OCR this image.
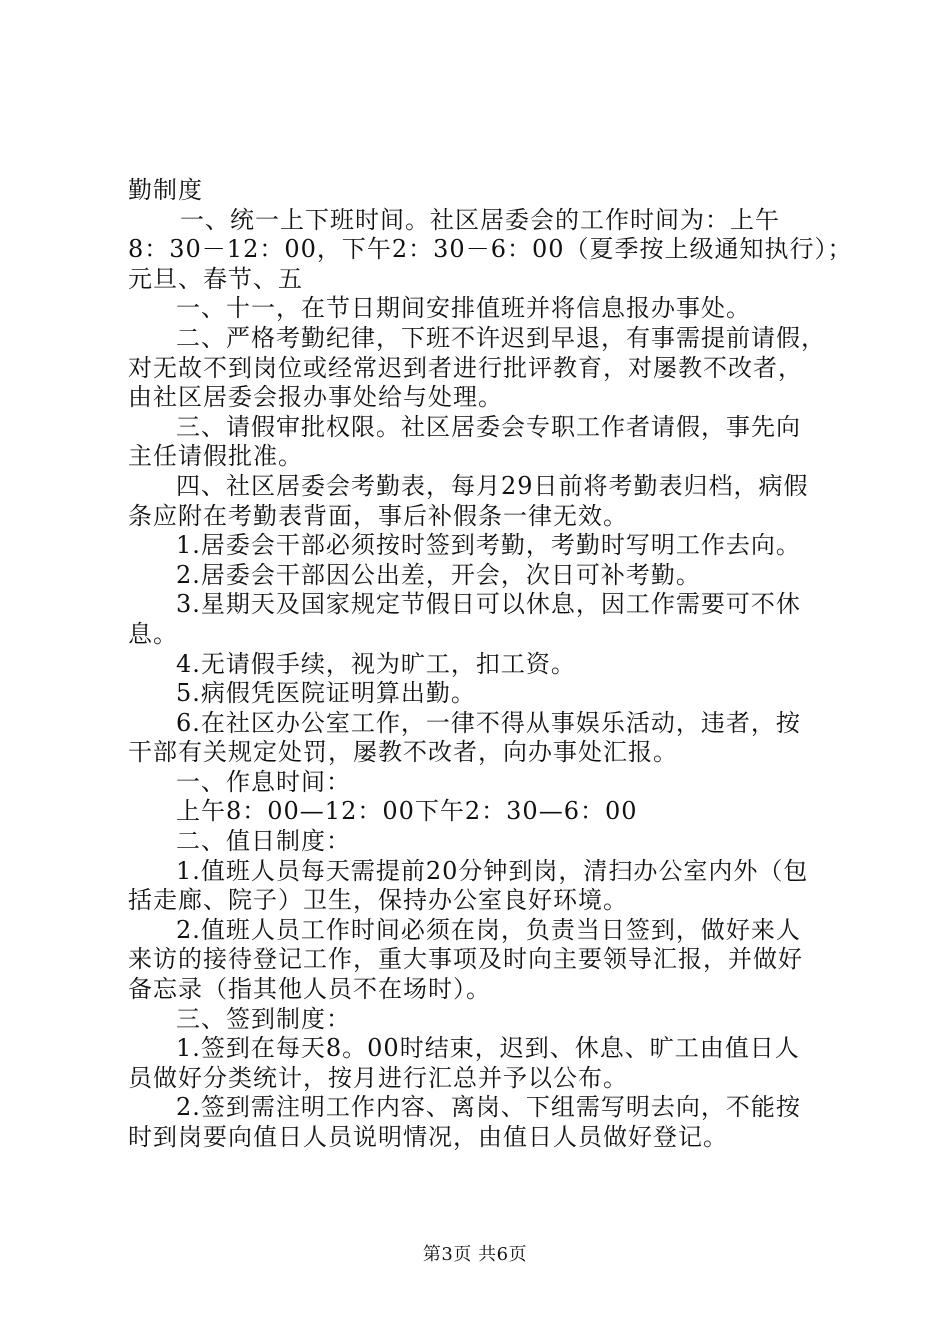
勤制度
一、统一上下班时间。社区居委会的工作时间为：上午
8：30－12：00，下午2：30－6：00（夏季按上级通知执行）；
元旦、春节、五
一、十一，在节日期间安排值班并将信息报办事处。
二、严格考勤纪律，下班不许迟到早退，有事需提前请假，
对无故不到岗位或经常迟到者进行批评教育，对屡教不改者，
由社区居委会报办事处给与处理。
三、请假审批权限。社区居委会专职工作者请假，事先向
主任请假批准。
四、社区居委会考勤表，每月29日前将考勤表归档，病假
条应附在考勤表背面，事后补假条一律无效。
1.居委会干部必须按时签到考勤，考勤时写明工作去向。
2.居委会干部因公出差，开会，次日可补考勤。
3.星期天及国家规定节假日可以休息，因工作需要可不休
息。
4.无请假手续，视为旷工，扣工资。
5.病假凭医院证明算出勤。
6.在社区办公室工作，一律不得从事娱乐活动，违者，按
干部有关规定处罚，屡教不改者，向办事处汇报。
一、作息时间：
上午8：00—12：00下午2：30—6：00
二、值日制度：
1.值班人员每天需提前20分钟到岗，清扫办公室内外（包
括走廊、院子）卫生，保持办公室良好环境。
2.值班人员工作时间必须在岗，负责当日签到，做好来人
来访的接待登记工作，重大事项及时向主要领导汇报，并做好
备忘录（指其他人员不在场时）。
三、签到制度：
1.签到在每天8。00时结束，迟到、休息、旷工由值日人
员做好分类统计，按月进行汇总并予以公布。
2.签到需注明工作内容、离岗、下组需写明去向，不能按
时到岗要向值日人员说明情况，由值日人员做好登记。
第3页 共6页
